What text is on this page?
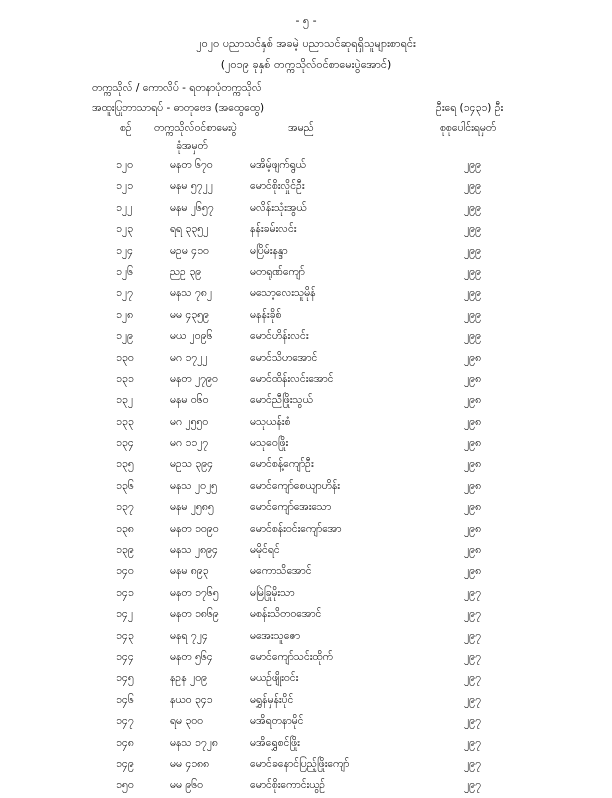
- ၅ -
၂၀၂၀ ပညာသင်နှစ် အခမဲ့ ပညာသင်ဆုရရှိသူများစာရင်း
(၂၀၁၉ ခုနှစ် တက္ကသိုလ်ဝင်စာမေးပွဲအောင်)
တက္ကသိုလ် / ကောလိပ် - ရတနာပုံတက္ကသိုလ်
အထူးပြုဘာသာရပ် - ဓာတုဗေဒ (အထွေထွေ)	ဦးရေ (၁၄၃၁) ဦး
စဉ် တက္ကသိုလ်ဝင်စာမေးပွဲ	အမည်	စုစုပေါင်းရမှတ်
ခုံအမှတ်
၁၂၀	မနတ ၆၇၀	မအိမ့်ဖျက်ရွယ်	၂၉၉
၁၂၁	မနမ ၅၇၂၂	မောင်စိုးလှိုင်ဦး	၂၉၉
၁၂၂	မနမ ၂၆၅၇	မလိန်းသုံးအွယ်	၂၉၉
၁၂၃	ရရ ၃၃၅၂	နန်းခမ်းလင်း	၂၉၉
၁၂၄	မဥမ ၄၁၀	မပြိမ်းနန္ဒာ	၂၉၉
၁၂၆	ညဥ ၃၉	မတရုဏ်ကျော်	၂၉၉
၁၂၇	မနသ ၇၈၂	မသော့လေးသူမိုန်	၂၉၉
၁၂၈	မမ ၄၃၅၉	မနန်းခိုစ်	၂၉၉
၁၂၉	မယ ၂၀၉၆	မောင်ဟိန်းလင်း	၂၉၉
၁၃၀	မဂ ၁၇၂၂	မောင်သိဟအောင်	၂၉၈
၁၃၁	မနတ ၂၇၉၀	မောင်ထိန်းလင်းအောင်	၂၉၈
၁၃၂	မနမ ၀၆၀	မောင်ညီဖြိုးသွယ်	၂၉၈
၁၃၃	မဂ ၂၅၅၀	မသုယန်းစံ	၂၉၈
၁၃၄	မဂ ၁၁၂၇	မသုဝေဖြိုး	၂၉၈
၁၃၅	မဥသ ၃၉၄	မောင်စန့်ကျော်ဦး	၂၉၈
၁၃၆	မနသ ၂၀၂၅	မောင်ကျော်စေယျာဟိန်း	၂၉၈
၁၃၇	မနမ ၂၅၈၅	မောင်ကျော်အေးသော	၂၉၈
၁၃၈	မနတ ၁၀၉၀	မောင်စန်းဝင်းကျော်အော	၂၉၈
၁၃၉	မနသ ၂၈၉၄	မမိုင်ရင်	၂၉၈
၁၄၀	မနမ ၈၉၃	မကောသိအောင်	၂၉၈
၁၄၁	မနတ ၁၇၆၅	မမြဲခြုမိုးသာ	၂၉၇
၁၄၂	မနတ ၁၈၆၉	မစန်းသိတ၀အောင်	၂၉၇
၁၄၃	မနရ ၇၂၄	မအေးသူဇော	၂၉၇
၁၄၄	မနတ ၅၆၄	မောင်ကျော်သင်းထိုက်	၂၉၇
၁၄၅	နဥန ၂၀၉	မယဉ်ဖျိုးဝင်း	၂၉၇
၁၄၆	နယဝ ၃၄၁	မရွှန်မှန်းပိုင်	၂၉၇
၁၄၇	ရမ ၃၀၀	မအိရတနာမိုင်	၂၉၇
၁၄၈	မနသ ၁၇၂၈	မအိရွှေစင်ဖြိုး	၂၉၇
၁၄၉	မမ ၄၁၈၈	မောင်ခနောင်ပြည့်ဖြိုးကျော်	၂၉၇
၁၅၀	မမ ၉၆၀	မောင်စိုးကောင်းယွဉ်	၂၉၇
